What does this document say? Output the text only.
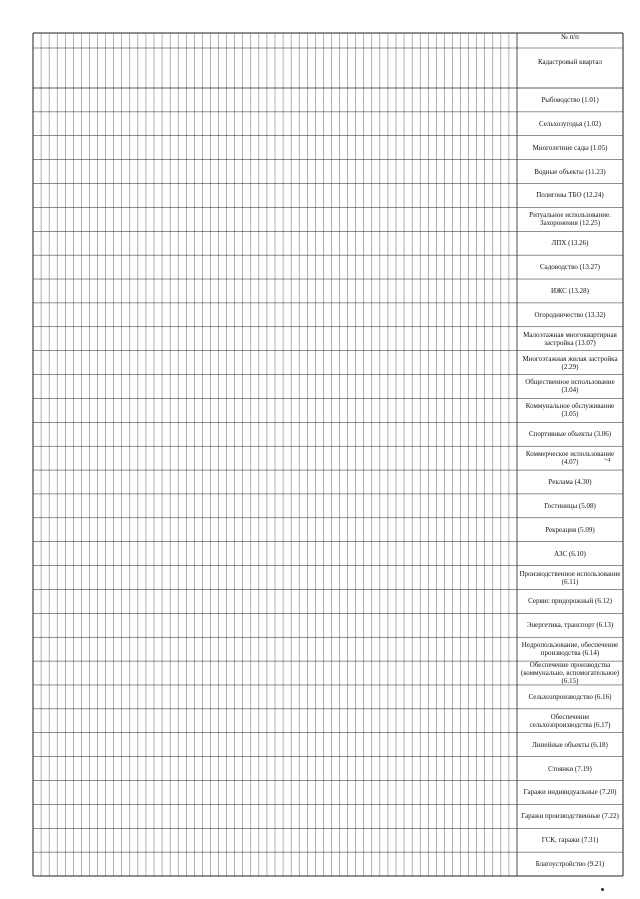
№ п/п
Кадастровый квартал
Рыбоводство (1.01)
Сельхозугодья (1.02)
Многолетние сады (1.05)
Водные объекты (11.23)
Полигоны ТБО (12.24)
Ритуальное использование. Захоронения (12.25)
ЛПХ (13.26)
Садоводство (13.27)
ИЖС (13.28)
Огородничество (13.32)
Малоэтажная многоквартирная застройка (13.07)
Многоэтажная жилая застройка (2.29)
Общественное использование (3.04)
Коммунальное обслуживание (3.05)
Спортивные объекты (3.06)
Коммерческое использование (4.07)
Реклама (4.30)
Гостиницы (5.08)
Рекреация (5.09)
АЗС (6.10)
Производственное использование (6.11)
Сервис придорожный (6.12)
Энергетика, транспорт (6.13)
Недропользование, обеспечение производства (6.14)
Обеспечение производства (коммунально, вспомогательное) (6.15)
Сельхозпроизводство (6.16)
Обеспечение сельхозпроизводства (6.17)
Линейные объекты (6.18)
Стоянки (7.19)
Гаражи индивидуальные (7.20)
Гаражи производственные (7.22)
ГСК, гаражи (7.31)
Благоустройство (9.21)
7
